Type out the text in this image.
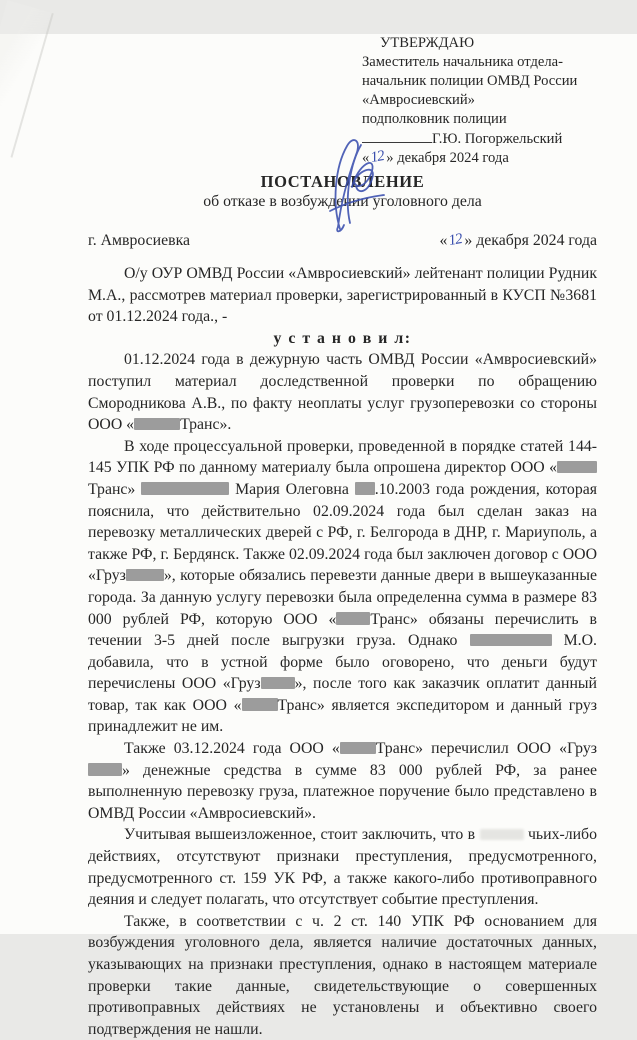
УТВЕРЖДАЮ
Заместитель начальника отдела-
начальник полиции ОМВД России
«Амвросиевский»
подполковник полиции
Г.Ю. Погоржельский
«12» декабря 2024 года
ПОСТАНОВЛЕНИЕ
об отказе в возбуждении уголовного дела
г. Амвросиевка	«12» декабря 2024 года

О/у ОУР ОМВД России «Амвросиевский» лейтенант полиции Рудник М.А., рассмотрев материал проверки, зарегистрированный в КУСП №3681 от 01.12.2024 года., -

у с т а н о в и л:

01.12.2024 года в дежурную часть ОМВД России «Амвросиевский» поступил материал доследственной проверки по обращению Смородникова А.В., по факту неоплаты услуг грузоперевозки со стороны ООО «	Транс».

В ходе процессуальной проверки, проведенной в порядке статей 144-145 УПК РФ по данному материалу была опрошена директор ООО «Транс»	Мария Олеговна .10.2003 года рождения, которая пояснила, что действительно 02.09.2024 года был сделан заказ на перевозку металлических дверей с РФ, г. Белгорода в ДНР, г. Мариуполь, а также РФ, г. Бердянск. Также 02.09.2024 года был заключен договор с ООО «Груз », которые обязались перевезти данные двери в вышеуказанные города. За данную услугу перевозки была определенна сумма в размере 83 000 рублей РФ, которую ООО « Транс» обязаны перечислить в течении 3-5 дней после выгрузки груза. Однако	М.О. добавила, что в устной форме было оговорено, что деньги будут перечислены ООО «Груз », после того как заказчик оплатит данный товар, так как ООО « Транс» является экспедитором и данный груз принадлежит не им.

Также 03.12.2024 года ООО « Транс» перечислил ООО «Груз» денежные средства в сумме 83 000 рублей РФ, за ранее выполненную перевозку груза, платежное поручение было представлено в ОМВД России «Амвросиевский».

Учитывая вышеизложенное, стоит заключить, что в	чьих-либо действиях, отсутствуют признаки преступления, предусмотренного, предусмотренного ст. 159 УК РФ, а также какого-либо противоправного деяния и следует полагать, что отсутствует событие преступления.

Также, в соответствии с ч. 2 ст. 140 УПК РФ основанием для возбуждения уголовного дела, является наличие достаточных данных, указывающих на признаки преступления, однако в настоящем материале проверки такие данные, свидетельствующие о совершенных противоправных действиях не установлены и объективно своего подтверждения не нашли.
